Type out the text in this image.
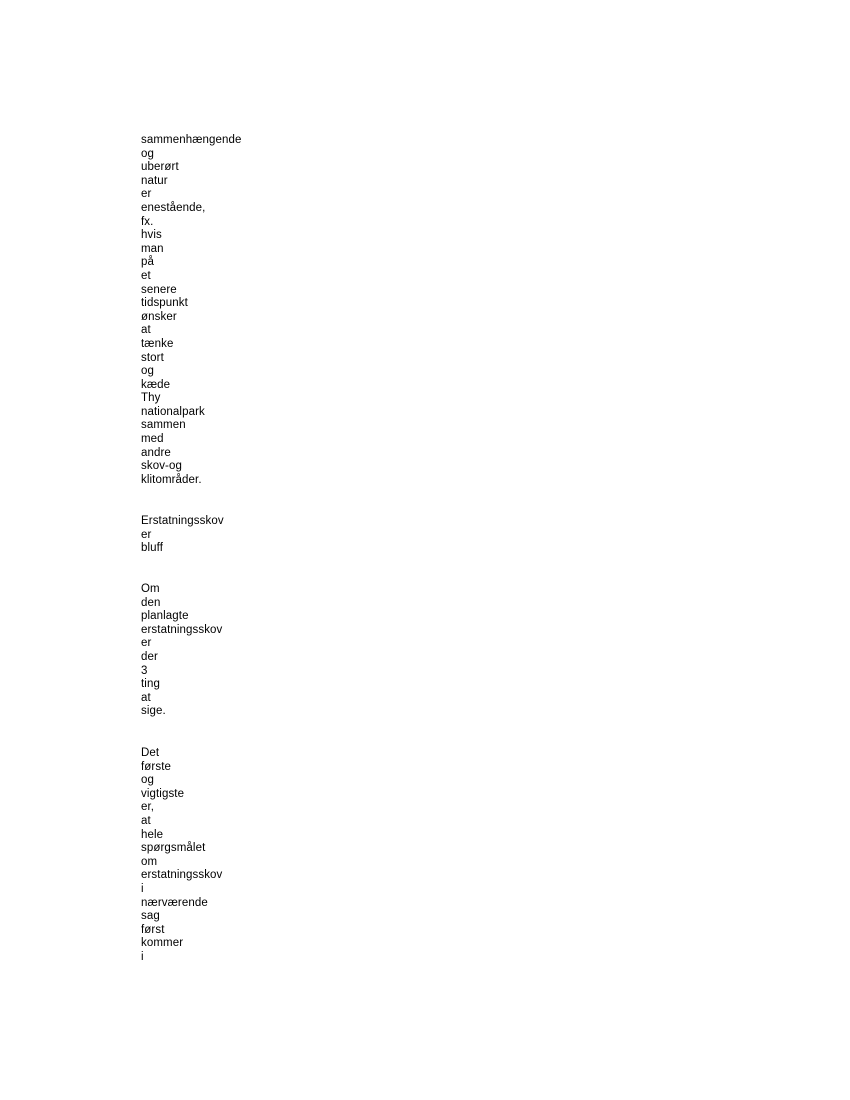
sammenhængende
og
uberørt
natur
er
enestående,
fx.
hvis
man
på
et
senere
tidspunkt
ønsker
at
tænke
stort
og
kæde
Thy
nationalpark
sammen
med
andre
skov-og
klitområder.
Erstatningsskov
er
bluff
Om
den
planlagte
erstatningsskov
er
der
3
ting
at
sige.
Det
første
og
vigtigste
er,
at
hele
spørgsmålet
om
erstatningsskov
i
nærværende
sag
først
kommer
i
